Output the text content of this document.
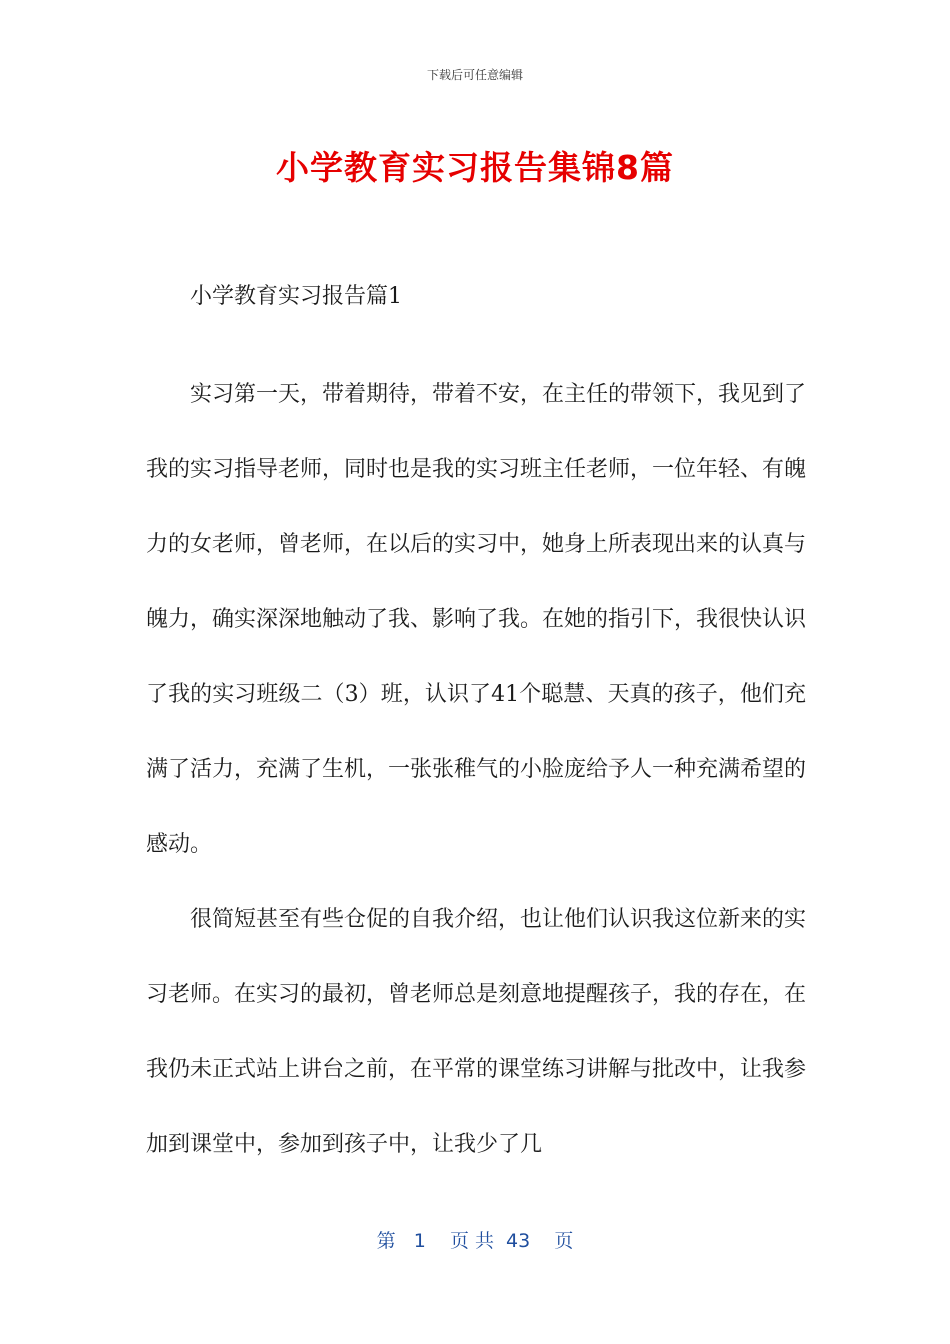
下载后可任意编辑
小学教育实习报告集锦8篇

小学教育实习报告篇1

实习第一天，带着期待，带着不安，在主任的带领下，我见到了我的实习指导老师，同时也是我的实习班主任老师，一位年轻、有魄力的女老师，曾老师，在以后的实习中，她身上所表现出来的认真与魄力，确实深深地触动了我、影响了我。在她的指引下，我很快认识了我的实习班级二（3）班，认识了41个聪慧、天真的孩子，他们充满了活力，充满了生机，一张张稚气的小脸庞给予人一种充满希望的感动。

很简短甚至有些仓促的自我介绍，也让他们认识我这位新来的实习老师。在实习的最初，曾老师总是刻意地提醒孩子，我的存在，在我仍未正式站上讲台之前，在平常的课堂练习讲解与批改中，让我参加到课堂中，参加到孩子中，让我少了几

第   1    页 共  43    页
